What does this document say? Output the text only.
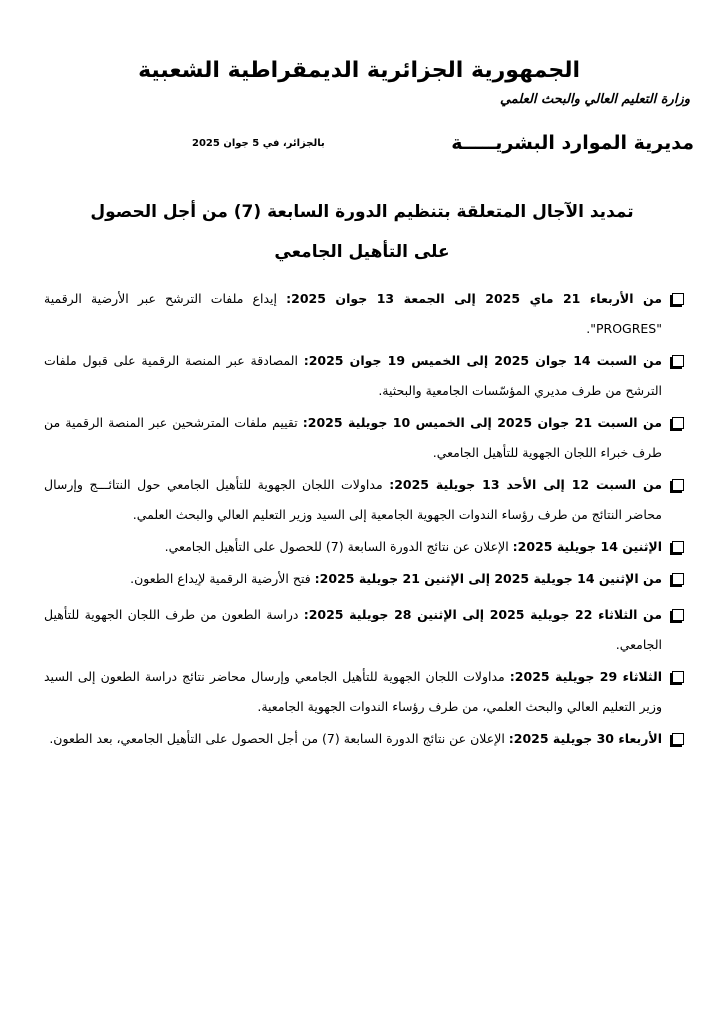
الجمهورية الجزائرية الديمقراطية الشعبية
وزارة التعليم العالي والبحث العلمي
مديرية الموارد البشريـــــة
بالجزائر، في 5 جوان 2025
تمديد الآجال المتعلقة بتنظيم الدورة السابعة (7) من أجل الحصول
على التأهيل الجامعي
من الأربعاء 21 ماي 2025 إلى الجمعة 13 جوان 2025: إيداع ملفات الترشح عبر الأرضية الرقمية "PROGRES".
من السبت 14 جوان 2025 إلى الخميس 19 جوان 2025: المصادقة عبر المنصة الرقمية على قبول ملفات الترشح من طرف مديري المؤسّسات الجامعية والبحثية.
من السبت 21 جوان 2025 إلى الخميس 10 جويلية 2025: تقييم ملفات المترشحين عبر المنصة الرقمية من طرف خبراء اللجان الجهوية للتأهيل الجامعي.
من السبت 12 إلى الأحد 13 جويلية 2025: مداولات اللجان الجهوية للتأهيل الجامعي حول النتائـــج وإرسال محاضر النتائج من طرف رؤساء الندوات الجهوية الجامعية إلى السيد وزير التعليم العالي والبحث العلمي.
الإثنين 14 جويلية 2025: الإعلان عن نتائج الدورة السابعة (7) للحصول على التأهيل الجامعي.
من الإثنين 14 جويلية 2025 إلى الإثنين 21 جويلية 2025: فتح الأرضية الرقمية لإيداع الطعون.
من الثلاثاء 22 جويلية 2025 إلى الإثنين 28 جويلية 2025: دراسة الطعون من طرف اللجان الجهوية للتأهيل الجامعي.
الثلاثاء 29 جويلية 2025: مداولات اللجان الجهوية للتأهيل الجامعي وإرسال محاضر نتائج دراسة الطعون إلى السيد وزير التعليم العالي والبحث العلمي، من طرف رؤساء الندوات الجهوية الجامعية.
الأربعاء 30 جويلية 2025: الإعلان عن نتائج الدورة السابعة (7) من أجل الحصول على التأهيل الجامعي، بعد الطعون.
